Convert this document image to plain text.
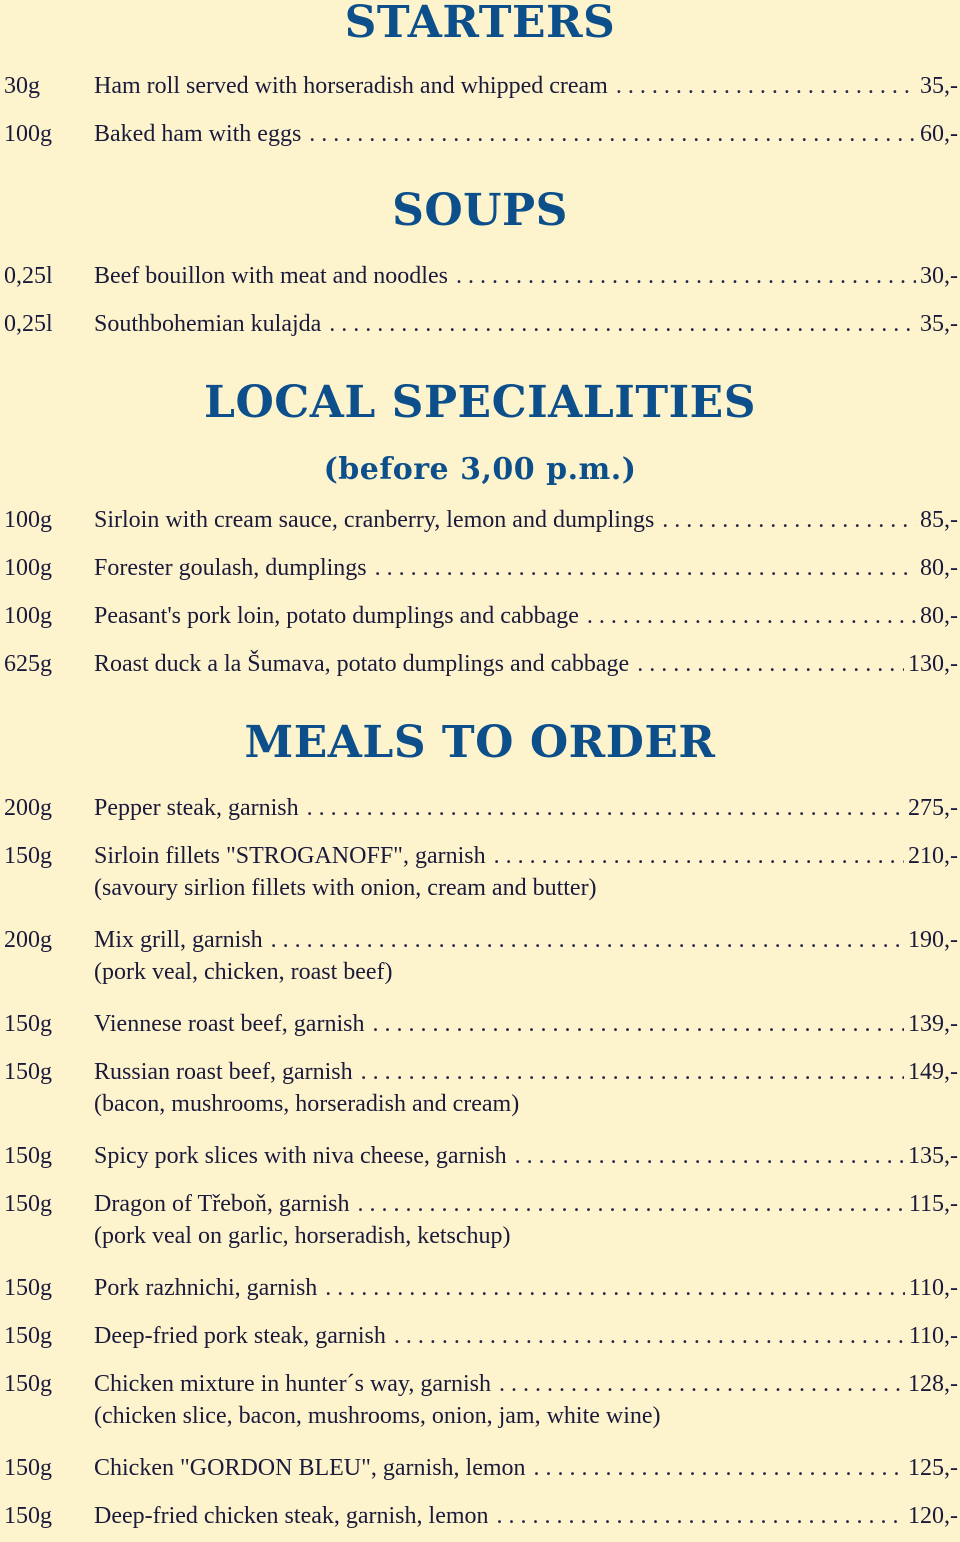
STARTERS
30g	Ham roll served with horseradish and whipped cream . . .	35,-
100g	Baked ham with eggs . . .	60,-
SOUPS
0,25l	Beef bouillon with meat and noodles . . .	30,-
0,25l	Southbohemian kulajda . . .	35,-
LOCAL SPECIALITIES
(before 3,00 p.m.)
100g	Sirloin with cream sauce, cranberry, lemon and dumplings . . .	85,-
100g	Forester goulash, dumplings . . .	80,-
100g	Peasant's pork loin, potato dumplings and cabbage . . .	80,-
625g	Roast duck a la Šumava, potato dumplings and cabbage . . .	130,-
MEALS TO ORDER
200g	Pepper steak, garnish . . .	275,-
150g	Sirloin fillets "STROGANOFF", garnish . . .	210,-
(savoury sirlion fillets with onion, cream and butter)
200g	Mix grill, garnish . . .	190,-
(pork veal, chicken, roast beef)
150g	Viennese roast beef, garnish . . .	139,-
150g	Russian roast beef, garnish . . .	149,-
(bacon, mushrooms, horseradish and cream)
150g	Spicy pork slices with niva cheese, garnish . . .	135,-
150g	Dragon of Třeboň, garnish . . .	115,-
(pork veal on garlic, horseradish, ketschup)
150g	Pork razhnichi, garnish . . .	110,-
150g	Deep-fried pork steak, garnish . . .	110,-
150g	Chicken mixture in hunter´s way, garnish . . .	128,-
(chicken slice, bacon, mushrooms, onion, jam, white wine)
150g	Chicken "GORDON BLEU", garnish, lemon . . .	125,-
150g	Deep-fried chicken steak, garnish, lemon . . .	120,-
